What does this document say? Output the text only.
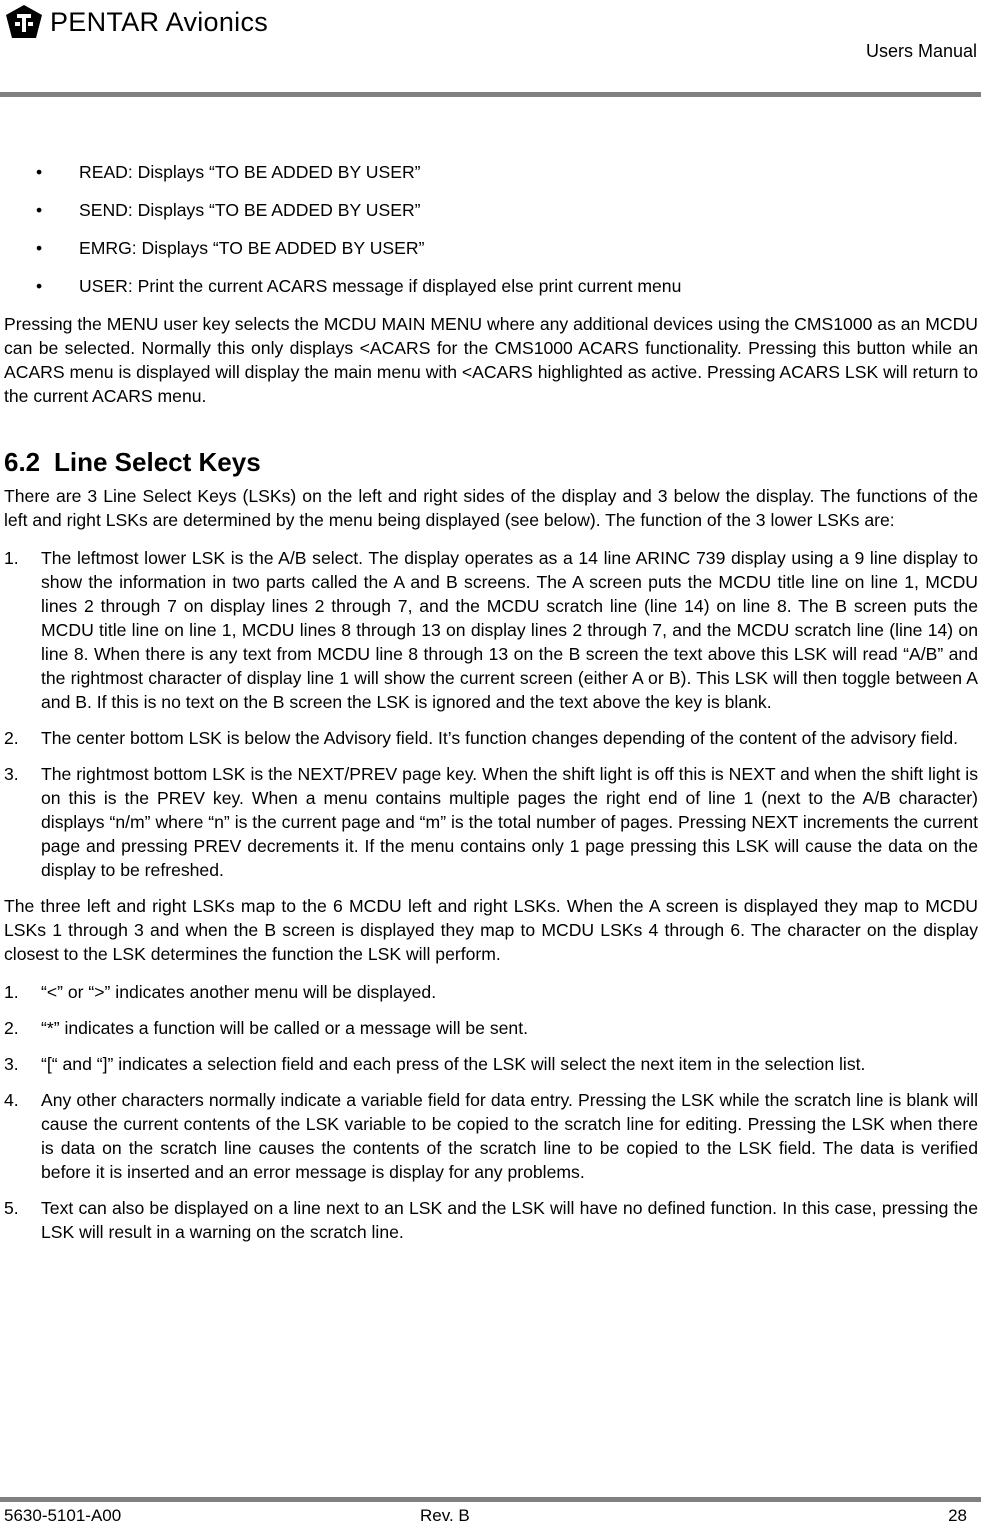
PENTAR Avionics
Users Manual
• READ: Displays “TO BE ADDED BY USER”
• SEND: Displays “TO BE ADDED BY USER”
• EMRG: Displays “TO BE ADDED BY USER”
• USER: Print the current ACARS message if displayed else print current menu

Pressing the MENU user key selects the MCDU MAIN MENU where any additional devices using the CMS1000 as an MCDU can be selected. Normally this only displays <ACARS for the CMS1000 ACARS functionality. Pressing this button while an ACARS menu is displayed will display the main menu with <ACARS highlighted as active. Pressing ACARS LSK will return to the current ACARS menu.

6.2 Line Select Keys

There are 3 Line Select Keys (LSKs) on the left and right sides of the display and 3 below the display. The functions of the left and right LSKs are determined by the menu being displayed (see below). The function of the 3 lower LSKs are:

1. The leftmost lower LSK is the A/B select. The display operates as a 14 line ARINC 739 display using a 9 line display to show the information in two parts called the A and B screens. The A screen puts the MCDU title line on line 1, MCDU lines 2 through 7 on display lines 2 through 7, and the MCDU scratch line (line 14) on line 8. The B screen puts the MCDU title line on line 1, MCDU lines 8 through 13 on display lines 2 through 7, and the MCDU scratch line (line 14) on line 8. When there is any text from MCDU line 8 through 13 on the B screen the text above this LSK will read “A/B” and the rightmost character of display line 1 will show the current screen (either A or B). This LSK will then toggle between A and B. If this is no text on the B screen the LSK is ignored and the text above the key is blank.
2. The center bottom LSK is below the Advisory field. It’s function changes depending of the content of the advisory field.
3. The rightmost bottom LSK is the NEXT/PREV page key. When the shift light is off this is NEXT and when the shift light is on this is the PREV key. When a menu contains multiple pages the right end of line 1 (next to the A/B character) displays “n/m” where “n” is the current page and “m” is the total number of pages. Pressing NEXT increments the current page and pressing PREV decrements it. If the menu contains only 1 page pressing this LSK will cause the data on the display to be refreshed.

The three left and right LSKs map to the 6 MCDU left and right LSKs. When the A screen is displayed they map to MCDU LSKs 1 through 3 and when the B screen is displayed they map to MCDU LSKs 4 through 6. The character on the display closest to the LSK determines the function the LSK will perform.

1. “<” or “>” indicates another menu will be displayed.
2. “*” indicates a function will be called or a message will be sent.
3. “[“ and “]” indicates a selection field and each press of the LSK will select the next item in the selection list.
4. Any other characters normally indicate a variable field for data entry. Pressing the LSK while the scratch line is blank will cause the current contents of the LSK variable to be copied to the scratch line for editing. Pressing the LSK when there is data on the scratch line causes the contents of the scratch line to be copied to the LSK field. The data is verified before it is inserted and an error message is display for any problems.
5. Text can also be displayed on a line next to an LSK and the LSK will have no defined function. In this case, pressing the LSK will result in a warning on the scratch line.
5630-5101-A00	Rev. B	28
